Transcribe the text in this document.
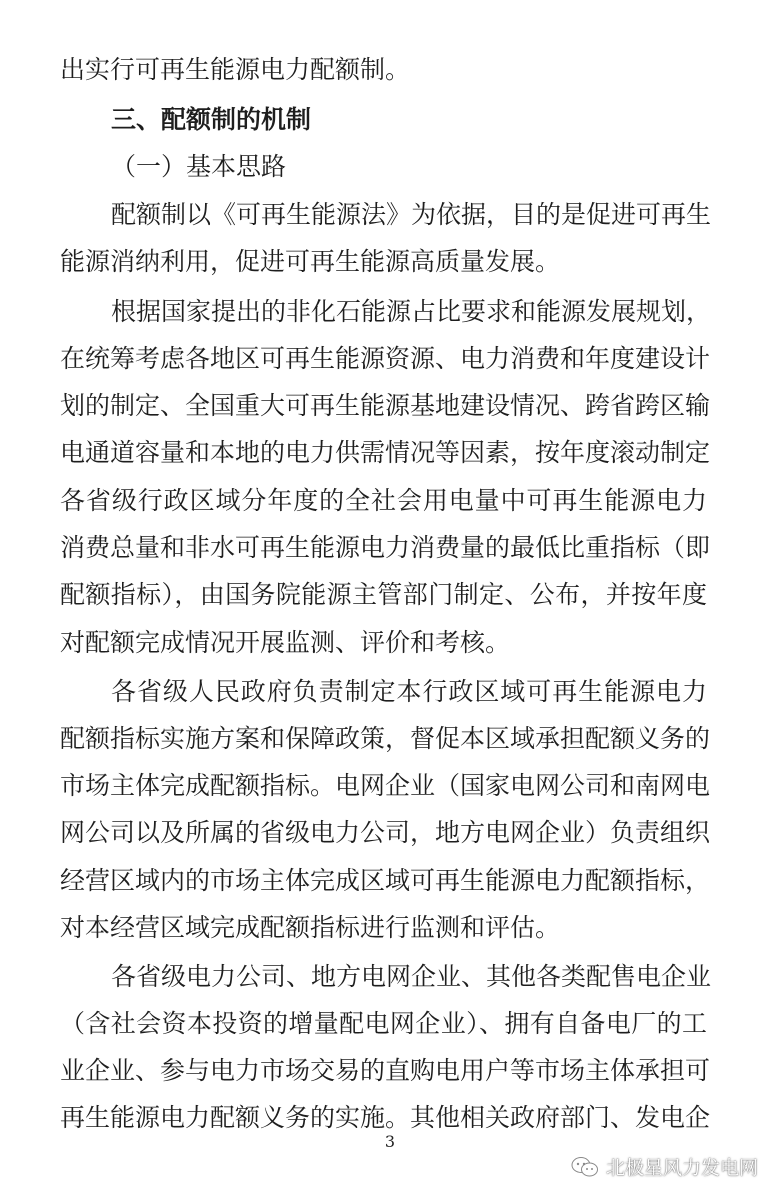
出实行可再生能源电力配额制。
三、配额制的机制
（一）基本思路
配额制以《可再生能源法》为依据，目的是促进可再生
能源消纳利用，促进可再生能源高质量发展。
根据国家提出的非化石能源占比要求和能源发展规划，
在统筹考虑各地区可再生能源资源、电力消费和年度建设计
划的制定、全国重大可再生能源基地建设情况、跨省跨区输
电通道容量和本地的电力供需情况等因素，按年度滚动制定
各省级行政区域分年度的全社会用电量中可再生能源电力
消费总量和非水可再生能源电力消费量的最低比重指标（即
配额指标），由国务院能源主管部门制定、公布，并按年度
对配额完成情况开展监测、评价和考核。
各省级人民政府负责制定本行政区域可再生能源电力
配额指标实施方案和保障政策，督促本区域承担配额义务的
市场主体完成配额指标。电网企业（国家电网公司和南网电
网公司以及所属的省级电力公司，地方电网企业）负责组织
经营区域内的市场主体完成区域可再生能源电力配额指标，
对本经营区域完成配额指标进行监测和评估。
各省级电力公司、地方电网企业、其他各类配售电企业
（含社会资本投资的增量配电网企业）、拥有自备电厂的工
业企业、参与电力市场交易的直购电用户等市场主体承担可
再生能源电力配额义务的实施。其他相关政府部门、发电企
3
北极星风力发电网
